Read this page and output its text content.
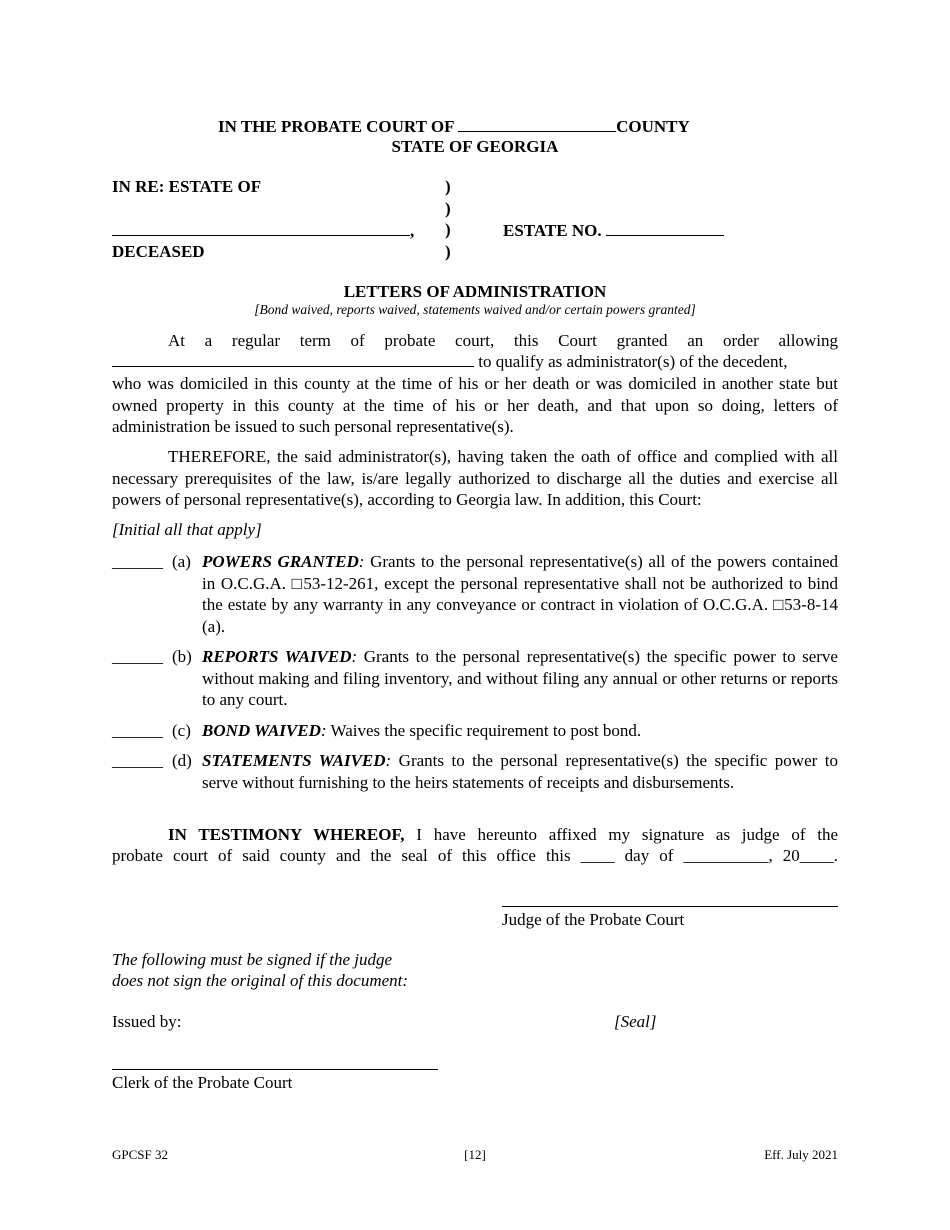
IN THE PROBATE COURT OF	COUNTY
STATE OF GEORGIA
IN RE: ESTATE OF
,
DECEASED
)
)
)
)
ESTATE NO.
LETTERS OF ADMINISTRATION
[Bond waived, reports waived, statements waived and/or certain powers granted]
At a regular term of probate court, this Court granted an order allowing
to qualify as administrator(s) of the decedent,
who was domiciled in this county at the time of his or her death or was domiciled in another state but owned property in this county at the time of his or her death, and that upon so doing, letters of administration be issued to such personal representative(s).
THEREFORE, the said administrator(s), having taken the oath of office and complied with all necessary prerequisites of the law, is/are legally authorized to discharge all the duties and exercise all powers of personal representative(s), according to Georgia law. In addition, this Court:
[Initial all that apply]
______ (a) POWERS GRANTED: Grants to the personal representative(s) all of the powers contained in O.C.G.A. □53-12-261, except the personal representative shall not be authorized to bind the estate by any warranty in any conveyance or contract in violation of O.C.G.A. □53-8-14 (a).
______ (b) REPORTS WAIVED: Grants to the personal representative(s) the specific power to serve without making and filing inventory, and without filing any annual or other returns or reports to any court.
______ (c) BOND WAIVED: Waives the specific requirement to post bond.
______ (d) STATEMENTS WAIVED: Grants to the personal representative(s) the specific power to serve without furnishing to the heirs statements of receipts and disbursements.
IN TESTIMONY WHEREOF, I have hereunto affixed my signature as judge of the
probate court of said county and the seal of this office this ____ day of __________, 20____.
Judge of the Probate Court
The following must be signed if the judge
does not sign the original of this document:
Issued by:	[Seal]
Clerk of the Probate Court
GPCSF 32	[12]	Eff. July 2021
